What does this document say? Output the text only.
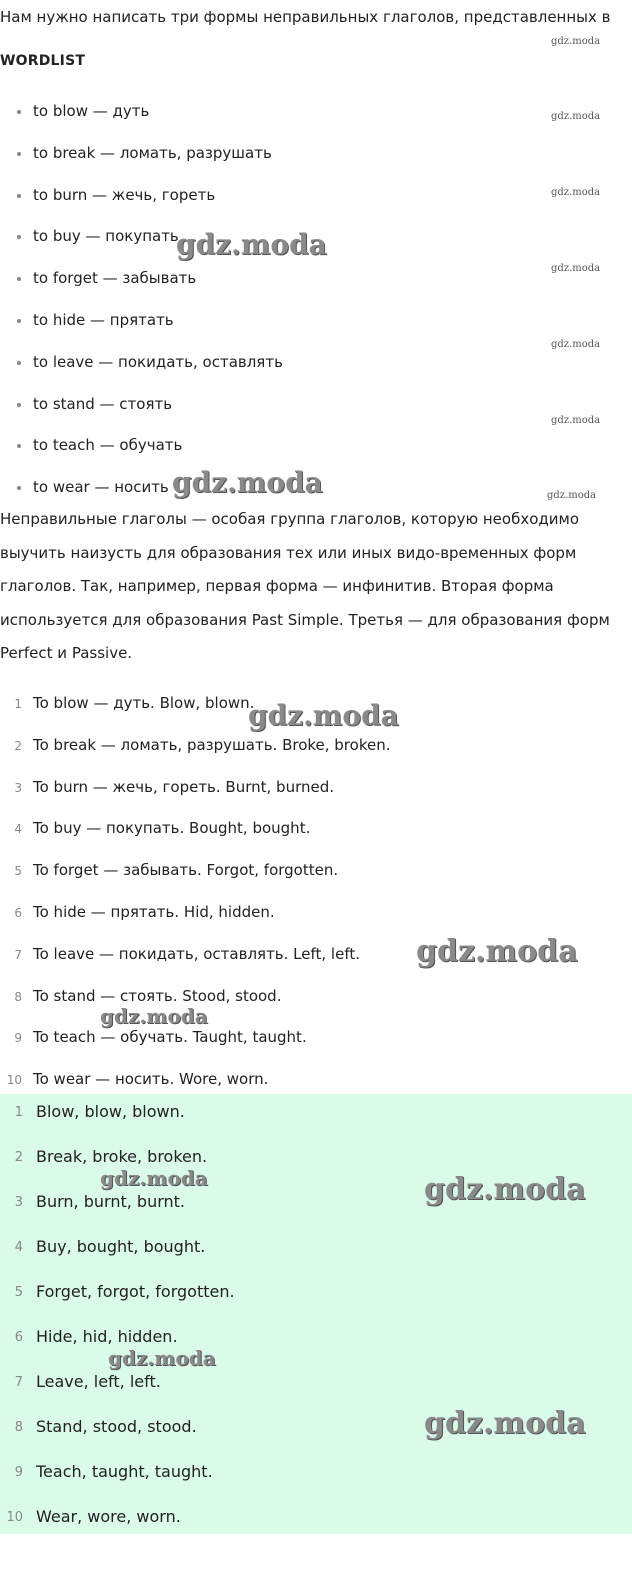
Нам нужно написать три формы неправильных глаголов, представленных в
WORDLIST
to blow — дуть
to break — ломать, разрушать
to burn — жечь, гореть
to buy — покупать
to forget — забывать
to hide — прятать
to leave — покидать, оставлять
to stand — стоять
to teach — обучать
to wear — носить
Неправильные глаголы — особая группа глаголов, которую необходимо выучить наизусть для образования тех или иных видо-временных форм глаголов. Так, например, первая форма — инфинитив. Вторая форма используется для образования Past Simple. Третья — для образования форм Perfect и Passive.
1 To blow — дуть. Blow, blown.
2 To break — ломать, разрушать. Broke, broken.
3 To burn — жечь, гореть. Burnt, burned.
4 To buy — покупать. Bought, bought.
5 To forget — забывать. Forgot, forgotten.
6 To hide — прятать. Hid, hidden.
7 To leave — покидать, оставлять. Left, left.
8 To stand — стоять. Stood, stood.
9 To teach — обучать. Taught, taught.
10 To wear — носить. Wore, worn.
1 Blow, blow, blown.
2 Break, broke, broken.
3 Burn, burnt, burnt.
4 Buy, bought, bought.
5 Forget, forgot, forgotten.
6 Hide, hid, hidden.
7 Leave, left, left.
8 Stand, stood, stood.
9 Teach, taught, taught.
10 Wear, wore, worn.
gdz.moda
gdz.moda
gdz.moda
gdz.moda
gdz.moda
gdz.moda
gdz.moda
gdz.moda
gdz.moda
gdz.moda
gdz.moda
gdz.moda
gdz.moda	gdz.moda
gdz.moda
gdz.moda
